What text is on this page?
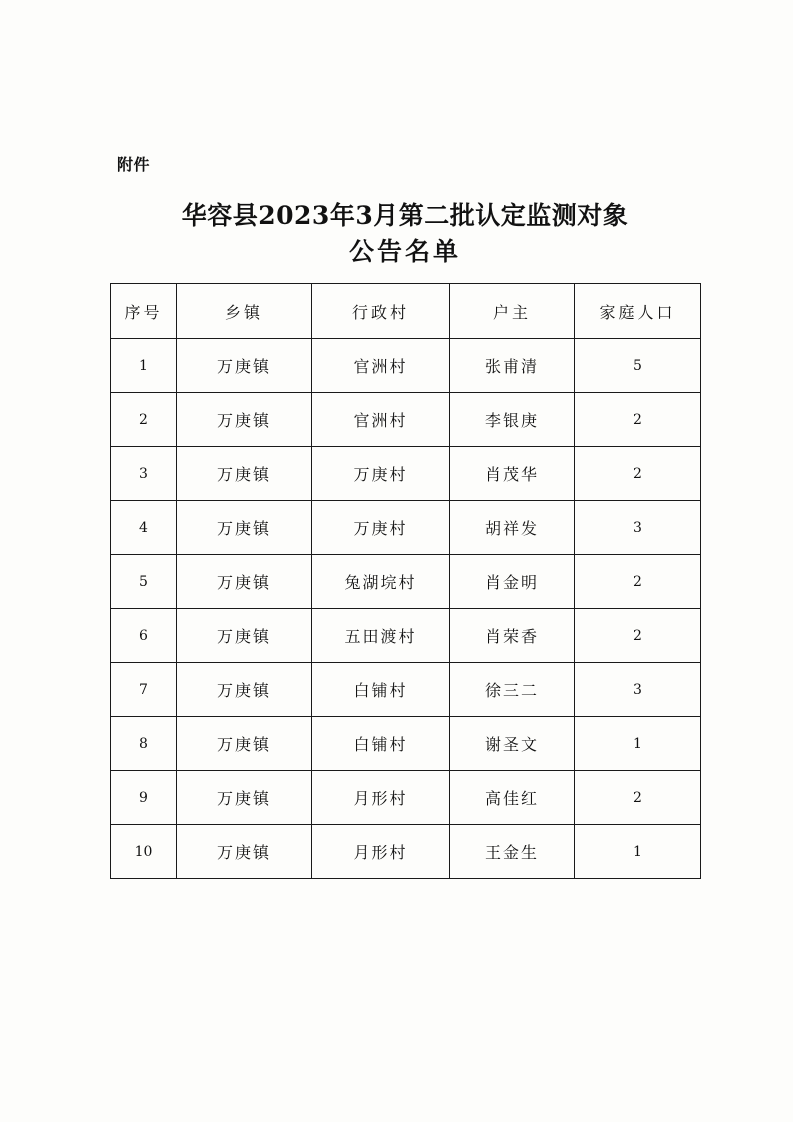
附件
华容县2023年3月第二批认定监测对象
公告名单
序号	乡镇	行政村	户主	家庭人口
1	万庚镇	官洲村	张甫清	5
2	万庚镇	官洲村	李银庚	2
3	万庚镇	万庚村	肖茂华	2
4	万庚镇	万庚村	胡祥发	3
5	万庚镇	兔湖垸村	肖金明	2
6	万庚镇	五田渡村	肖荣香	2
7	万庚镇	白铺村	徐三二	3
8	万庚镇	白铺村	谢圣文	1
9	万庚镇	月形村	高佳红	2
10	万庚镇	月形村	王金生	1
